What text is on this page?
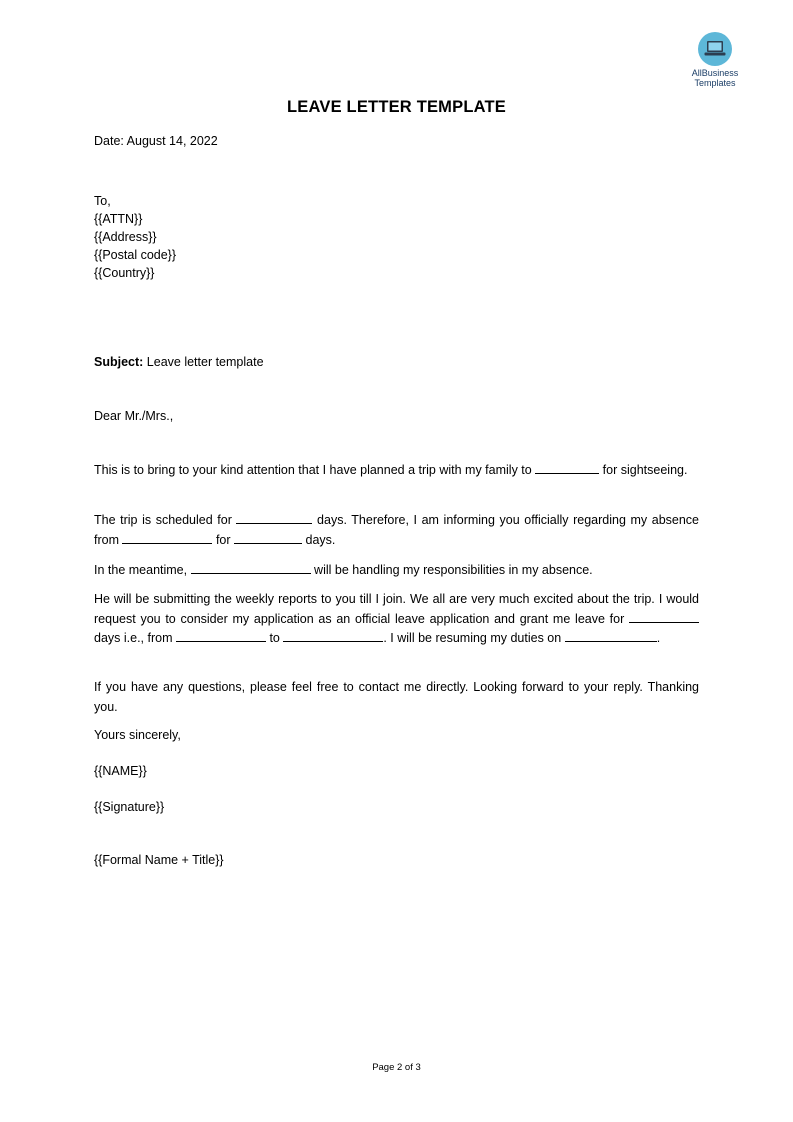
AllBusiness
Templates
LEAVE LETTER TEMPLATE
Date: August 14, 2022
To,
{{ATTN}}
{{Address}}
{{Postal code}}
{{Country}}
Subject: Leave letter template
Dear Mr./Mrs.,
This is to bring to your kind attention that I have planned a trip with my family to	for sightseeing.
The trip is scheduled for	days. Therefore, I am informing you officially regarding my absence from	for	days.
In the meantime,	will be handling my responsibilities in my absence.
He will be submitting the weekly reports to you till I join. We all are very much excited about the trip. I would request you to consider my application as an official leave application and grant me leave for  days i.e., from	to	. I will be resuming my duties on	.
If you have any questions, please feel free to contact me directly. Looking forward to your reply. Thanking you.
Yours sincerely,
{{NAME}}
{{Signature}}
{{Formal Name + Title}}
Page 2 of 3
